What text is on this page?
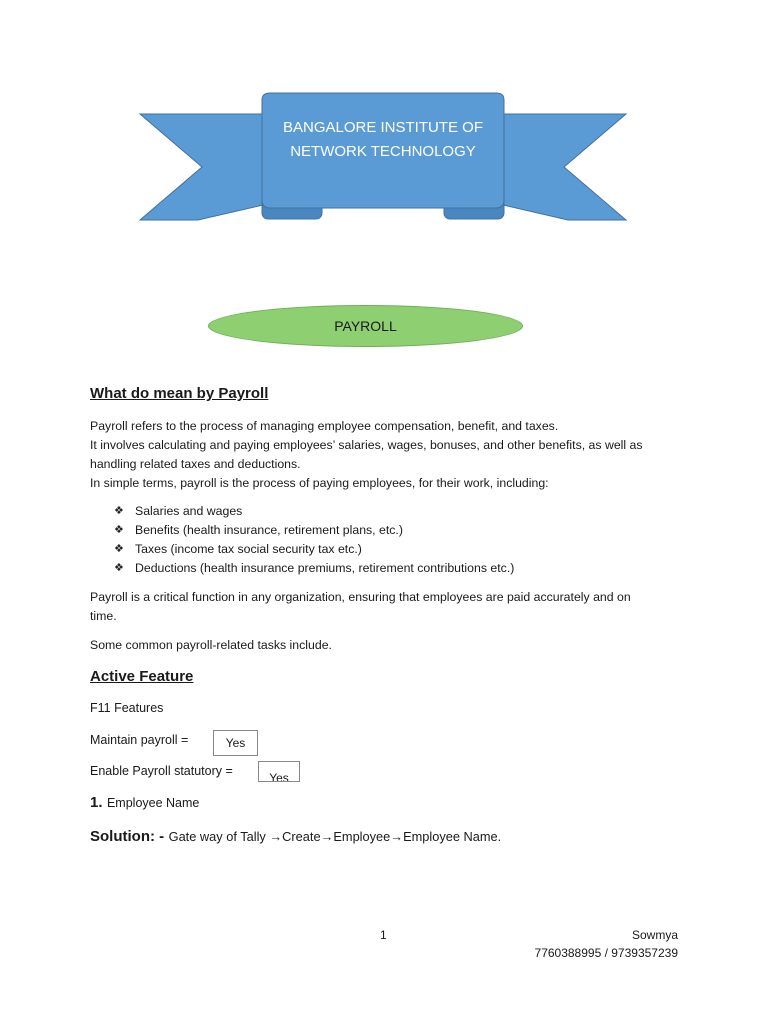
BANGALORE INSTITUTE OF
NETWORK TECHNOLOGY
PAYROLL
What do mean by Payroll
Payroll refers to the process of managing employee compensation, benefit, and taxes.
It involves calculating and paying employees’ salaries, wages, bonuses, and other benefits, as well as
handling related taxes and deductions.
In simple terms, payroll is the process of paying employees, for their work, including:
❖ Salaries and wages
❖ Benefits (health insurance, retirement plans, etc.)
❖ Taxes (income tax social security tax etc.)
❖ Deductions (health insurance premiums, retirement contributions etc.)
Payroll is a critical function in any organization, ensuring that employees are paid accurately and on
time.
Some common payroll-related tasks include.
Active Feature
F11 Features
Maintain payroll =	Yes
Enable Payroll statutory =	Yes
1. Employee Name
Solution: - Gate way of Tally →Create→Employee→Employee Name.
1	Sowmya
7760388995 / 9739357239
